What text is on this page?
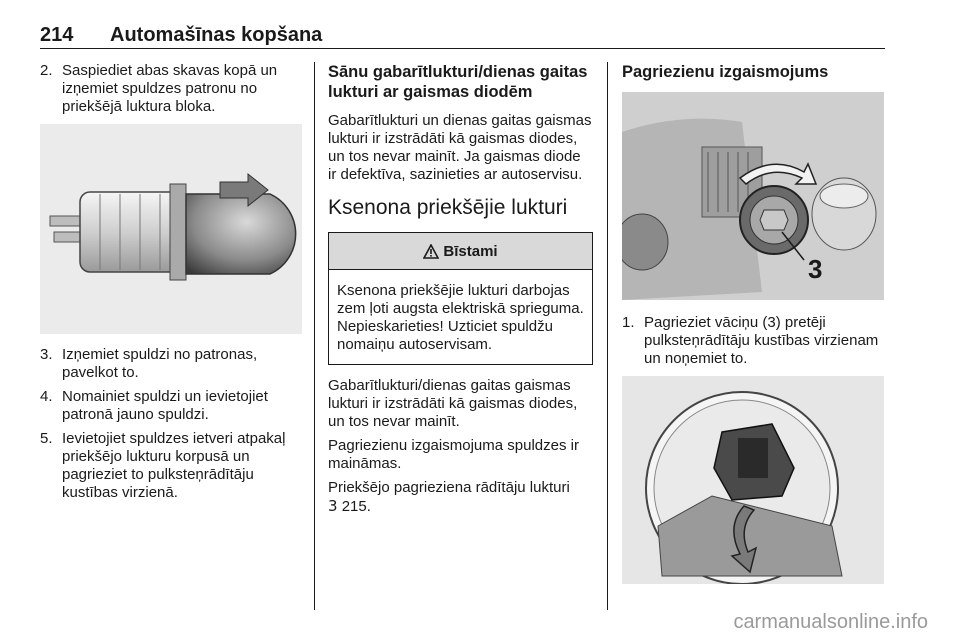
214 Automašīnas kopšana
2. Saspiediet abas skavas kopā un izņemiet spuldzes patronu no priekšējā luktura bloka.
3. Izņemiet spuldzi no patronas, pavelkot to.
4. Nomainiet spuldzi un ievietojiet patronā jauno spuldzi.
5. Ievietojiet spuldzes ietveri atpakaļ priekšējo lukturu korpusā un pagrieziet to pulksteņrādītāju kustības virzienā.
Sānu gabarītlukturi/dienas gaitas lukturi ar gaismas diodēm

Gabarītlukturi un dienas gaitas gaismas lukturi ir izstrādāti kā gaismas diodes, un tos nevar mainīt. Ja gaismas diode ir defektīva, sazinieties ar autoservisu.

Ksenona priekšējie lukturi
Bīstami
Ksenona priekšējie lukturi darbojas zem ļoti augsta elektriskā sprieguma. Nepieskarieties! Uzticiet spuldžu nomaiņu autoservisam.

Gabarītlukturi/dienas gaitas gaismas lukturi ir izstrādāti kā gaismas diodes, un tos nevar mainīt.

Pagriezienu izgaismojuma spuldzes ir maināmas.

Priekšējo pagrieziena rādītāju lukturi
3 215.

Pagriezienu izgaismojums
3
1. Pagrieziet vāciņu (3) pretēji pulksteņrādītāju kustības virzienam un noņemiet to.
carmanualsonline.info
